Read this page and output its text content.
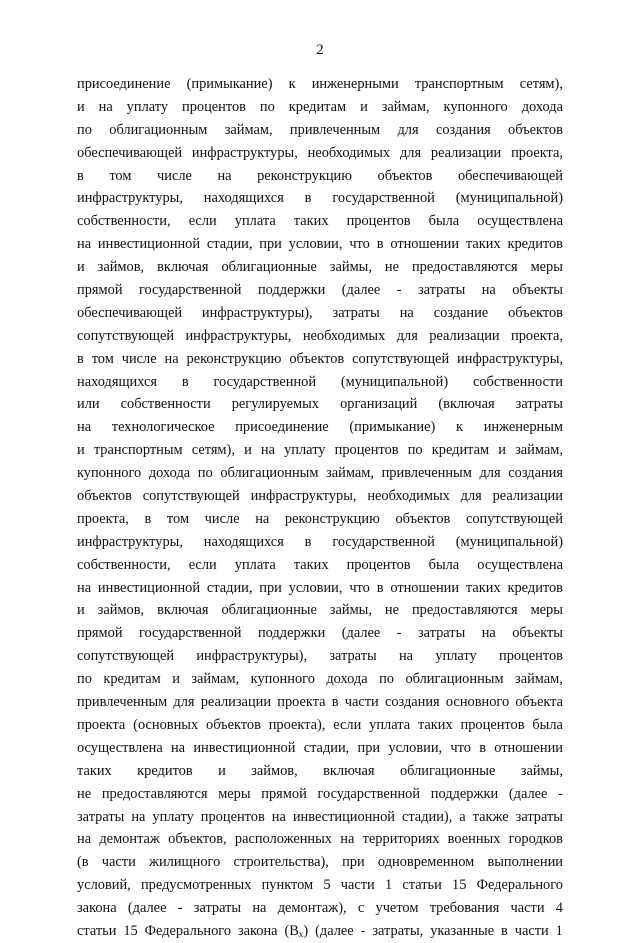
2
присоединение (примыкание) к инженерными транспортным сетям),
и на уплату процентов по кредитам и займам, купонного дохода
по облигационным займам, привлеченным для создания объектов
обеспечивающей инфраструктуры, необходимых для реализации проекта,
в том числе на реконструкцию объектов обеспечивающей
инфраструктуры, находящихся в государственной (муниципальной)
собственности, если уплата таких процентов была осуществлена
на инвестиционной стадии, при условии, что в отношении таких кредитов
и займов, включая облигационные займы, не предоставляются меры
прямой государственной поддержки (далее - затраты на объекты
обеспечивающей инфраструктуры), затраты на создание объектов
сопутствующей инфраструктуры, необходимых для реализации проекта,
в том числе на реконструкцию объектов сопутствующей инфраструктуры,
находящихся в государственной (муниципальной) собственности
или собственности регулируемых организаций (включая затраты
на технологическое присоединение (примыкание) к инженерным
и транспортным сетям), и на уплату процентов по кредитам и займам,
купонного дохода по облигационным займам, привлеченным для создания
объектов сопутствующей инфраструктуры, необходимых для реализации
проекта, в том числе на реконструкцию объектов сопутствующей
инфраструктуры, находящихся в государственной (муниципальной)
собственности, если уплата таких процентов была осуществлена
на инвестиционной стадии, при условии, что в отношении таких кредитов
и займов, включая облигационные займы, не предоставляются меры
прямой государственной поддержки (далее - затраты на объекты
сопутствующей инфраструктуры), затраты на уплату процентов
по кредитам и займам, купонного дохода по облигационным займам,
привлеченным для реализации проекта в части создания основного объекта
проекта (основных объектов проекта), если уплата таких процентов была
осуществлена на инвестиционной стадии, при условии, что в отношении
таких кредитов и займов, включая облигационные займы,
не предоставляются меры прямой государственной поддержки (далее -
затраты на уплату процентов на инвестиционной стадии), а также затраты
на демонтаж объектов, расположенных на территориях военных городков
(в части жилищного строительства), при одновременном выполнении
условий, предусмотренных пунктом 5 части 1 статьи 15 Федерального
закона (далее - затраты на демонтаж), с учетом требования части 4
статьи 15 Федерального закона $(В_х)$ (далее - затраты, указанные в части 1
